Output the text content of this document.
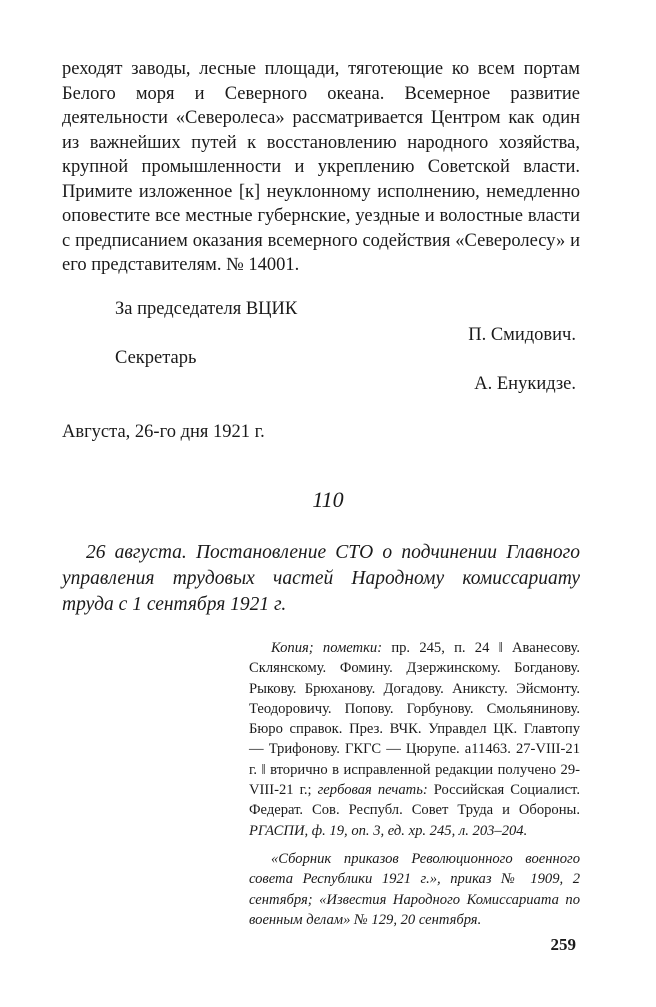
реходят заводы, лесные площади, тяготеющие ко всем портам Белого моря и Северного океана. Всемерное развитие деятельности «Северолеса» рассматривается Центром как один из важнейших путей к восстановлению народного хозяйства, крупной промышленности и укреплению Советской власти. Примите изложенное [к] неуклонному исполнению, немедленно оповестите все местные губернские, уездные и волостные власти с предписанием оказания всемерного содействия «Северолесу» и его представителям. № 14001.

За председателя ВЦИК
П. Смидович.
Секретарь
А. Енукидзе.
Августа, 26-го дня 1921 г.
110

26 августа. Постановление СТО о подчинении Главного управления трудовых частей Народному комиссариату труда с 1 сентября 1921 г.

Копия; пометки: пр. 245, п. 24 ‖ Аванесову. Склянскому. Фомину. Дзержинскому. Богданову. Рыкову. Брюханову. Догадову. Аникстy. Эйсмонту. Теодоровичу. Попову. Горбунову. Смольянинову. Бюро справок. През. ВЧК. Управдел ЦК. Главтопу — Трифонову. ГКГС — Цюрупе. а11463. 27-VIII-21 г. ‖ вторично в исправленной редакции получено 29-VIII-21 г.; гербовая печать: Российская Социалист. Федерат. Сов. Республ. Совет Труда и Обороны. РГАСПИ, ф. 19, оп. 3, ед. хр. 245, л. 203–204.

«Сборник приказов Революционного военного совета Республики 1921 г.», приказ № 1909, 2 сентября; «Известия Народного Комиссариата по военным делам» № 129, 20 сентября.

259
